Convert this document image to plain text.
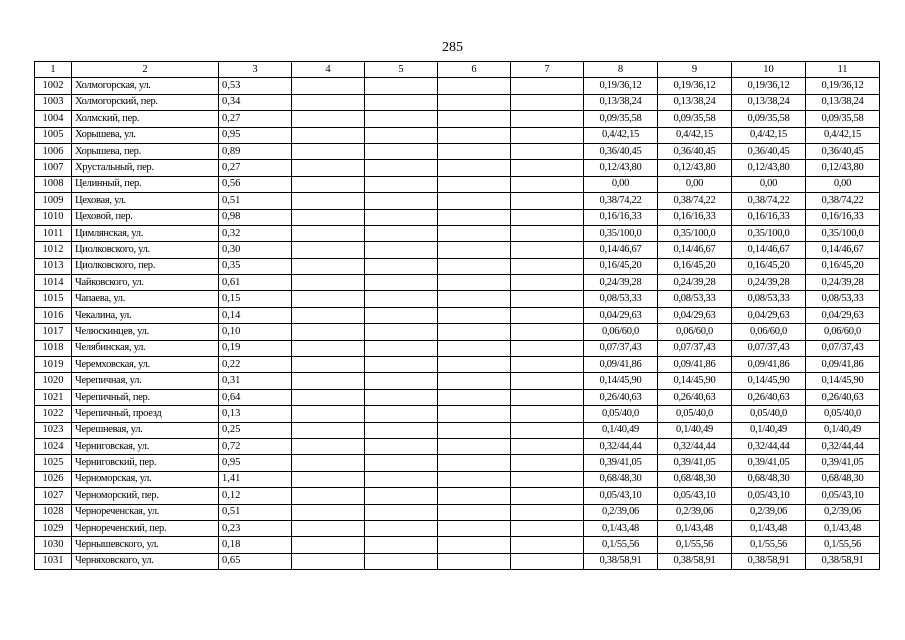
285
1	2	3	4	5	6	7	8	9	10	11
1002	Холмогорская, ул.	0,53					0,19/36,12	0,19/36,12	0,19/36,12	0,19/36,12
1003	Холмогорский, пер.	0,34					0,13/38,24	0,13/38,24	0,13/38,24	0,13/38,24
1004	Холмский, пер.	0,27					0,09/35,58	0,09/35,58	0,09/35,58	0,09/35,58
1005	Хорышева, ул.	0,95					0,4/42,15	0,4/42,15	0,4/42,15	0,4/42,15
1006	Хорышева, пер.	0,89					0,36/40,45	0,36/40,45	0,36/40,45	0,36/40,45
1007	Хрустальный, пер.	0,27					0,12/43,80	0,12/43,80	0,12/43,80	0,12/43,80
1008	Целинный, пер.	0,56					0,00	0,00	0,00	0,00
1009	Цеховая, ул.	0,51					0,38/74,22	0,38/74,22	0,38/74,22	0,38/74,22
1010	Цеховой, пер.	0,98					0,16/16,33	0,16/16,33	0,16/16,33	0,16/16,33
1011	Цимлянская, ул.	0,32					0,35/100,0	0,35/100,0	0,35/100,0	0,35/100,0
1012	Циолковского, ул.	0,30					0,14/46,67	0,14/46,67	0,14/46,67	0,14/46,67
1013	Циолковского, пер.	0,35					0,16/45,20	0,16/45,20	0,16/45,20	0,16/45,20
1014	Чайковского, ул.	0,61					0,24/39,28	0,24/39,28	0,24/39,28	0,24/39,28
1015	Чапаева, ул.	0,15					0,08/53,33	0,08/53,33	0,08/53,33	0,08/53,33
1016	Чекалина, ул.	0,14					0,04/29,63	0,04/29,63	0,04/29,63	0,04/29,63
1017	Челюскинцев, ул.	0,10					0,06/60,0	0,06/60,0	0,06/60,0	0,06/60,0
1018	Челябинская, ул.	0,19					0,07/37,43	0,07/37,43	0,07/37,43	0,07/37,43
1019	Черемховская, ул.	0,22					0,09/41,86	0,09/41,86	0,09/41,86	0,09/41,86
1020	Черепичная, ул.	0,31					0,14/45,90	0,14/45,90	0,14/45,90	0,14/45,90
1021	Черепичный, пер.	0,64					0,26/40,63	0,26/40,63	0,26/40,63	0,26/40,63
1022	Черепичный, проезд	0,13					0,05/40,0	0,05/40,0	0,05/40,0	0,05/40,0
1023	Черешневая, ул.	0,25					0,1/40,49	0,1/40,49	0,1/40,49	0,1/40,49
1024	Черниговская, ул.	0,72					0,32/44,44	0,32/44,44	0,32/44,44	0,32/44,44
1025	Черниговский, пер.	0,95					0,39/41,05	0,39/41,05	0,39/41,05	0,39/41,05
1026	Черноморская, ул.	1,41					0,68/48,30	0,68/48,30	0,68/48,30	0,68/48,30
1027	Черноморский, пер.	0,12					0,05/43,10	0,05/43,10	0,05/43,10	0,05/43,10
1028	Чернореченская, ул.	0,51					0,2/39,06	0,2/39,06	0,2/39,06	0,2/39,06
1029	Чернореченский, пер.	0,23					0,1/43,48	0,1/43,48	0,1/43,48	0,1/43,48
1030	Чернышевского, ул.	0,18					0,1/55,56	0,1/55,56	0,1/55,56	0,1/55,56
1031	Черняховского, ул.	0,65					0,38/58,91	0,38/58,91	0,38/58,91	0,38/58,91
